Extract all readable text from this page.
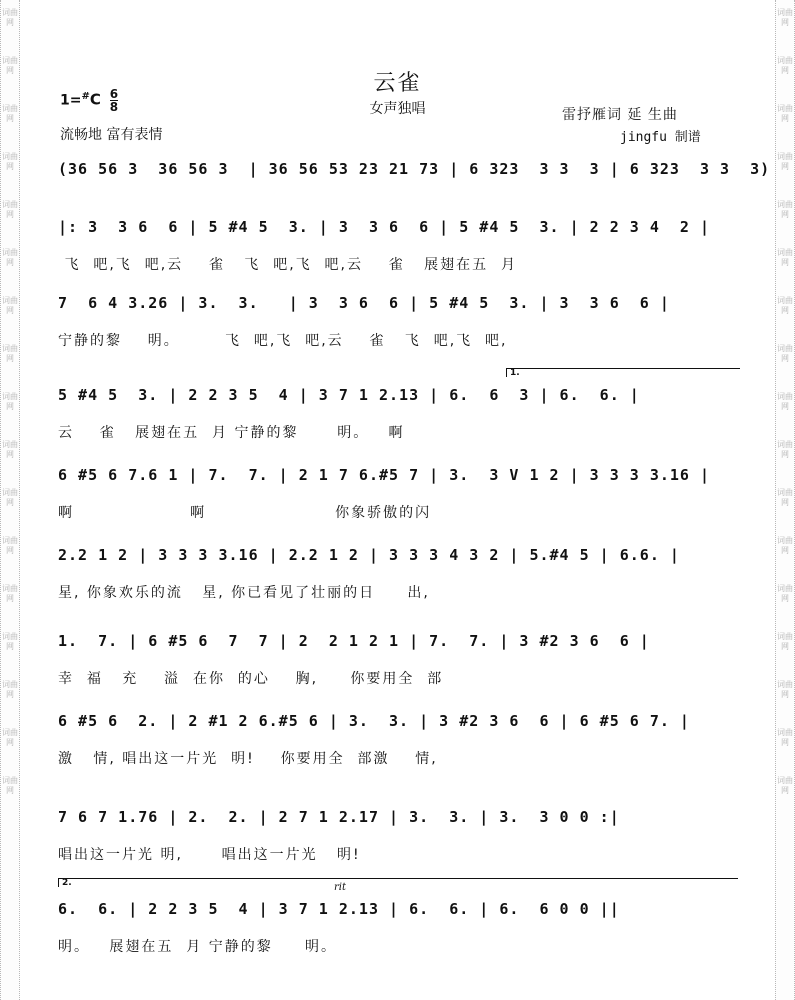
词曲网
词曲网
词曲网
词曲网
词曲网
词曲网
词曲网
词曲网
词曲网
词曲网
词曲网
词曲网
词曲网
词曲网
词曲网
词曲网
词曲网
词曲网
词曲网
词曲网
词曲网
词曲网
词曲网
词曲网
词曲网
词曲网
词曲网
词曲网
词曲网
词曲网
词曲网
词曲网
词曲网
词曲网
云雀
女声独唱
$1=^{\#}C \frac{6}{8}$
流畅地 富有表情
雷抒雁词 延 生曲
jingfu 制谱
(36 56 3  36 56 3  | 36 56 53 23 21 73 | 6 323  3 3  3 | 6 323  3 3  3)
|: 3  3 6  6 | 5 #4 5  3. | 3  3 6  6 | 5 #4 5  3. | 2 2 3 4  2 |
飞  吧,飞  吧,云    雀   飞  吧,飞  吧,云    雀   展翅在五  月
7  6 4 3.26 | 3.  3.   | 3  3 6  6 | 5 #4 5  3. | 3  3 6  6 |
宁静的黎    明。       飞  吧,飞  吧,云    雀   飞  吧,飞  吧,
1.
5 #4 5  3. | 2 2 3 5  4 | 3 7 1 2.13 | 6.  6  3 | 6.  6. |
云    雀   展翅在五  月 宁静的黎      明。   啊
6 #5 6 7.6 1 | 7.  7. | 2 1 7 6.#5 7 | 3.  3 V 1 2 | 3 3 3 3.16 |
啊                  啊                    你象骄傲的闪
2.2 1 2 | 3 3 3 3.16 | 2.2 1 2 | 3 3 3 4 3 2 | 5.#4 5 | 6.6. |
星, 你象欢乐的流   星, 你已看见了壮丽的日     出,
1.  7. | 6 #5 6  7  7 | 2  2 1 2 1 | 7.  7. | 3 #2 3 6  6 |
幸  福   充    溢  在你  的心    胸,     你要用全  部
6 #5 6  2. | 2 #1 2 6.#5 6 | 3.  3. | 3 #2 3 6  6 | 6 #5 6 7. |
激   情, 唱出这一片光  明!    你要用全  部激    情,
7 6 7 1.76 | 2.  2. | 2 7 1 2.17 | 3.  3. | 3.  3 0 0 :|
唱出这一片光 明,      唱出这一片光   明!
2.	rit
6.  6. | 2 2 3 5  4 | 3 7 1 2.13 | 6.  6. | 6.  6 0 0 ||
明。   展翅在五  月 宁静的黎     明。
